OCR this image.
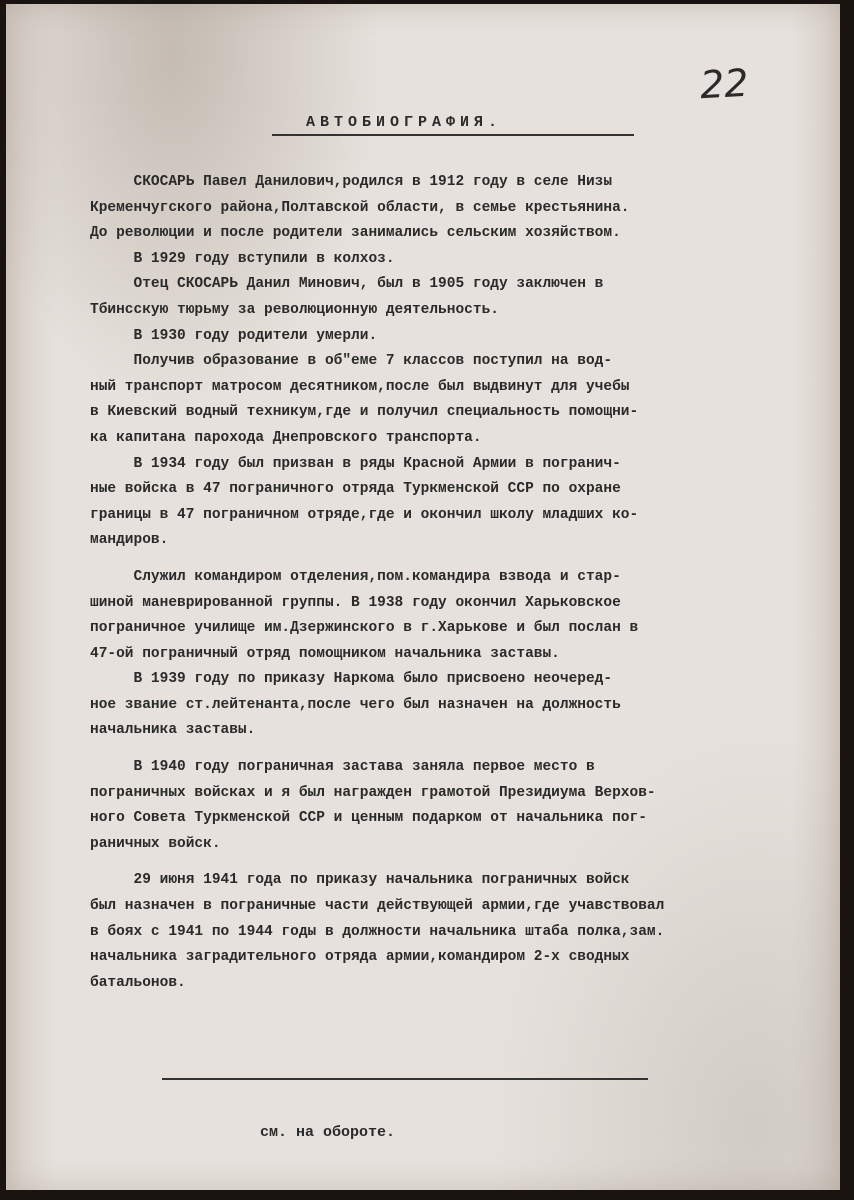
22
АВТОБИОГРАФИЯ.
СКОСАРЬ Павел Данилович,родился в 1912 году в селе Низы
Кременчугского района,Полтавской области, в семье крестьянина.
До революции и после родители занимались сельским хозяйством.
В 1929 году вступили в колхоз.
Отец СКОСАРЬ Данил Минович, был в 1905 году заключен в
Тбинсскую тюрьму за революционную деятельность.
В 1930 году родители умерли.
Получив образование в об"еме 7 классов поступил на вод-
ный транспорт матросом десятником,после был выдвинут для учебы
в Киевский водный техникум,где и получил специальность помощни-
ка капитана парохода Днепровского транспорта.
В 1934 году был призван в ряды Красной Армии в погранич-
ные войска в 47 пограничного отряда Туркменской ССР по охране
границы в 47 пограничном отряде,где и окончил школу младших ко-
мандиров.
Служил командиром отделения,пом.командира взвода и стар-
шиной маневрированной группы. В 1938 году окончил Харьковское
пограничное училище им.Дзержинского в г.Харькове и был послан в
47-ой пограничный отряд помощником начальника заставы.
В 1939 году по приказу Наркома было присвоено неочеред-
ное звание ст.лейтенанта,после чего был назначен на должность
начальника заставы.
В 1940 году пограничная застава заняла первое место в
пограничных войсках и я был награжден грамотой Президиума Верхов-
ного Совета Туркменской ССР и ценным подарком от начальника пог-
раничных войск.
29 июня 1941 года по приказу начальника пограничных войск
был назначен в пограничные части действующей армии,где учавствовал
в боях с 1941 по 1944 годы в должности начальника штаба полка,зам.
начальника заградительного отряда армии,командиром 2-х сводных
батальонов.
см. на обороте.
